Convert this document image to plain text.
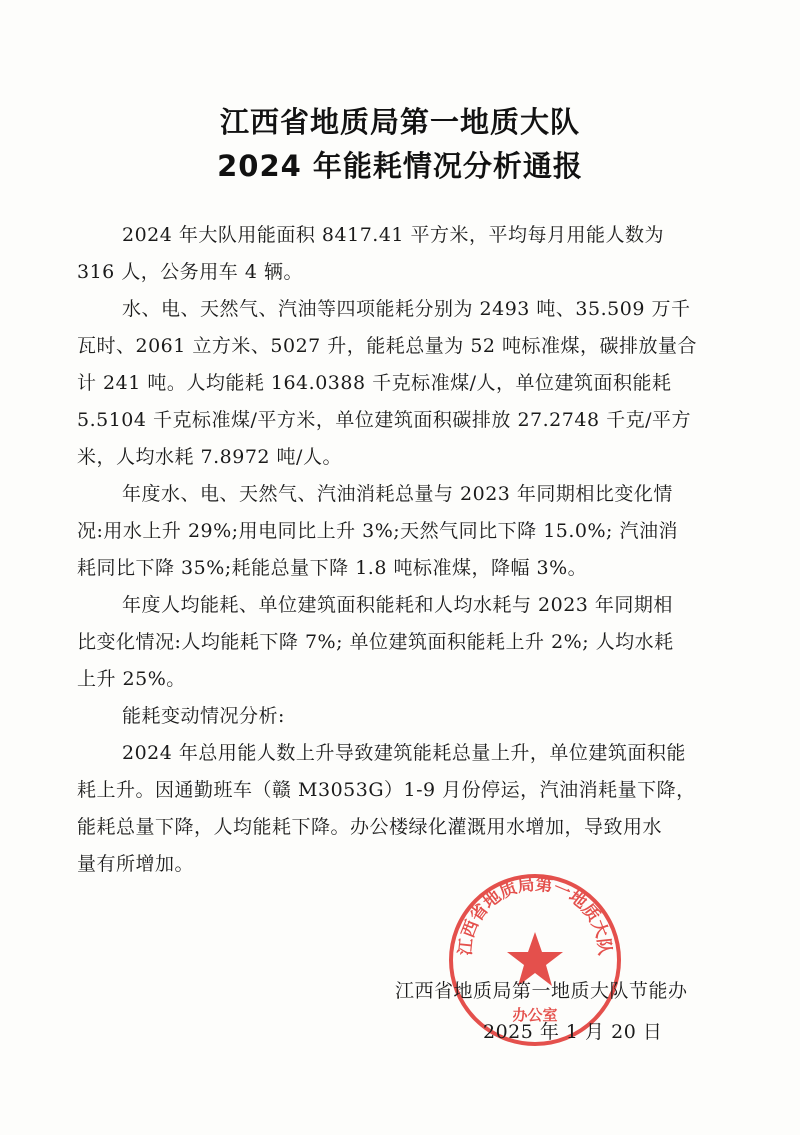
江西省地质局第一地质大队
2024 年能耗情况分析通报

2024 年大队用能面积 8417.41 平方米，平均每月用能人数为
316 人，公务用车 4 辆。

水、电、天然气、汽油等四项能耗分别为 2493 吨、35.509 万千
瓦时、2061 立方米、5027 升，能耗总量为 52 吨标准煤，碳排放量合
计 241 吨。人均能耗 164.0388 千克标准煤/人，单位建筑面积能耗
5.5104 千克标准煤/平方米，单位建筑面积碳排放 27.2748 千克/平方
米，人均水耗 7.8972 吨/人。

年度水、电、天然气、汽油消耗总量与 2023 年同期相比变化情
况:用水上升 29%;用电同比上升 3%;天然气同比下降 15.0%; 汽油消
耗同比下降 35%;耗能总量下降 1.8 吨标准煤，降幅 3%。

年度人均能耗、单位建筑面积能耗和人均水耗与 2023 年同期相
比变化情况:人均能耗下降 7%; 单位建筑面积能耗上升 2%; 人均水耗
上升 25%。

能耗变动情况分析:

2024 年总用能人数上升导致建筑能耗总量上升，单位建筑面积能
耗上升。因通勤班车（赣 M3053G）1-9 月份停运，汽油消耗量下降，
能耗总量下降，人均能耗下降。办公楼绿化灌溉用水增加，导致用水
量有所增加。

江西省地质局第一地质大队
办公室
江西省地质局第一地质大队节能办
2025 年 1 月 20 日
